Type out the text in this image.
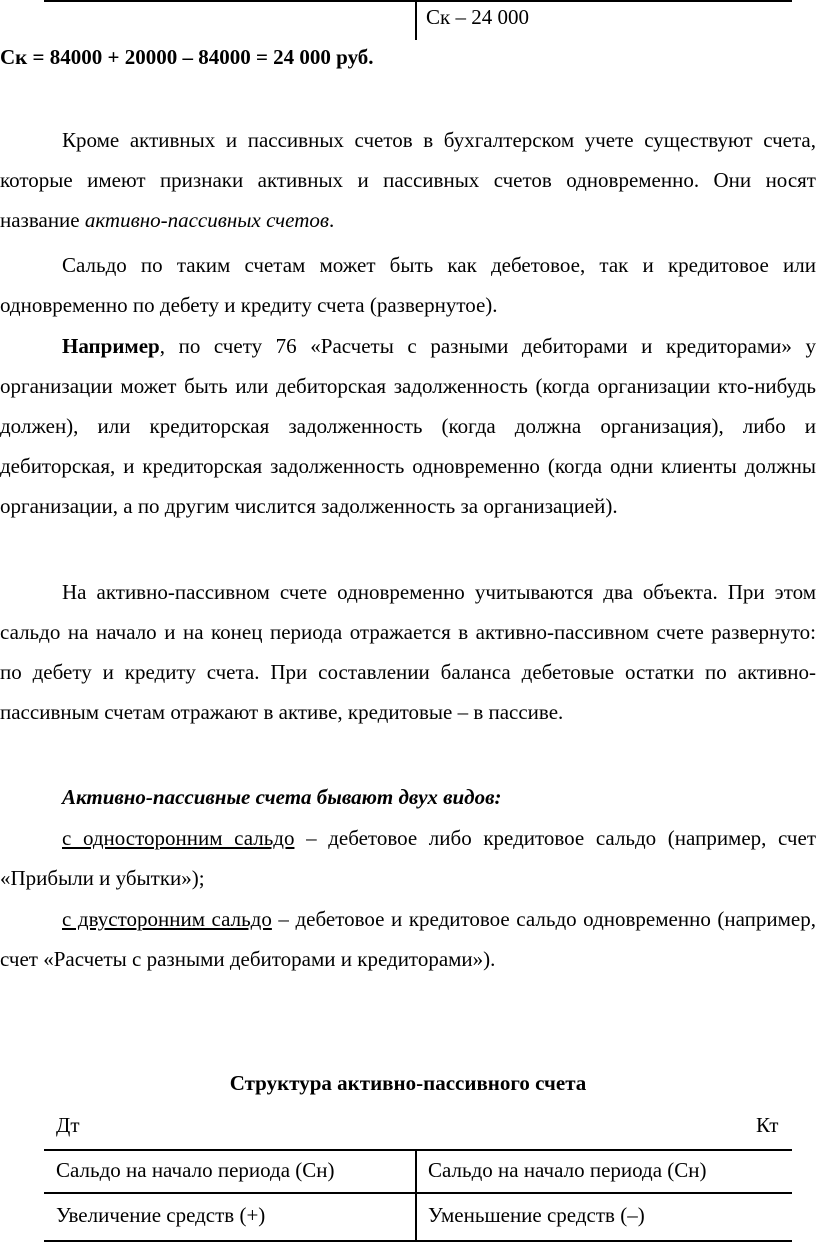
Ск – 24 000
Ск = 84000 + 20000 – 84000 = 24 000 руб.
Кроме активных и пассивных счетов в бухгалтерском учете существуют счета, которые имеют признаки активных и пассивных счетов одновременно. Они носят название активно-пассивных счетов.
Сальдо по таким счетам может быть как дебетовое, так и кредитовое или одновременно по дебету и кредиту счета (развернутое).
Например, по счету 76 «Расчеты с разными дебиторами и кредиторами» у организации может быть или дебиторская задолженность (когда организации кто-нибудь должен), или кредиторская задолженность (когда должна организация), либо и дебиторская, и кредиторская задолженность одновременно (когда одни клиенты должны организации, а по другим числится задолженность за организацией).
На активно-пассивном счете одновременно учитываются два объекта. При этом сальдо на начало и на конец периода отражается в активно-пассивном счете развернуто: по дебету и кредиту счета. При составлении баланса дебетовые остатки по активно-пассивным счетам отражают в активе, кредитовые – в пассиве.
Активно-пассивные счета бывают двух видов:
с односторонним сальдо – дебетовое либо кредитовое сальдо (например, счет «Прибыли и убытки»);
с двусторонним сальдо – дебетовое и кредитовое сальдо одновременно (например, счет «Расчеты с разными дебиторами и кредиторами»).
Структура активно-пассивного счета
Дт	Кт
Сальдо на начало периода (Сн)	Сальдо на начало периода (Сн)
Увеличение средств (+)	Уменьшение средств (–)
